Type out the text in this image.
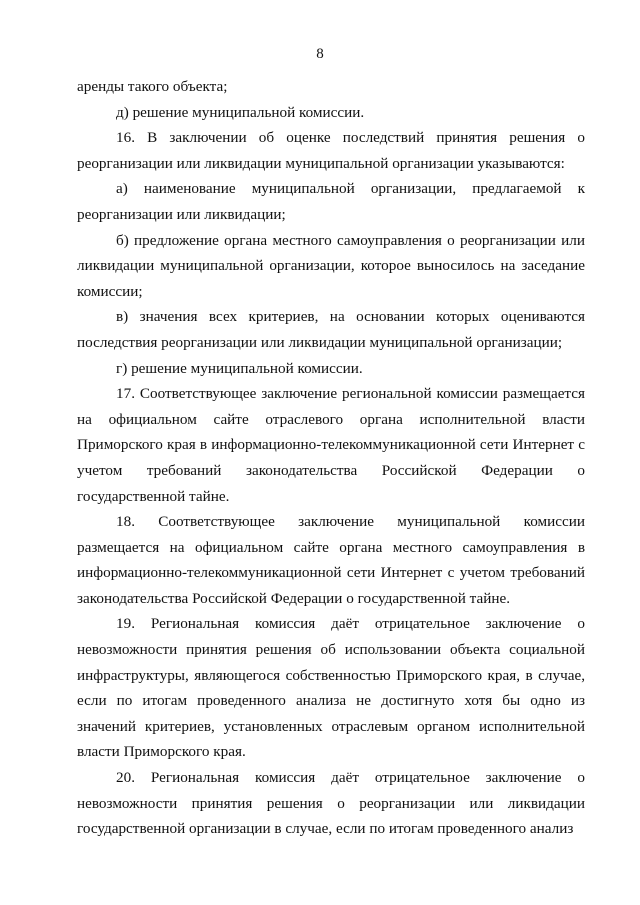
8

аренды такого объекта;

д) решение муниципальной комиссии.

16. В заключении об оценке последствий принятия решения о реорганизации или ликвидации муниципальной организации указываются:

а) наименование муниципальной организации, предлагаемой к реорганизации или ликвидации;

б) предложение органа местного самоуправления о реорганизации или ликвидации муниципальной организации, которое выносилось на заседание комиссии;

в) значения всех критериев, на основании которых оцениваются последствия реорганизации или ликвидации муниципальной организации;

г) решение муниципальной комиссии.

17. Соответствующее заключение региональной комиссии размещается на официальном сайте отраслевого органа исполнительной власти Приморского края в информационно-телекоммуникационной сети Интернет с учетом требований законодательства Российской Федерации о государственной тайне.

18. Соответствующее заключение муниципальной комиссии размещается на официальном сайте органа местного самоуправления в информационно-телекоммуникационной сети Интернет с учетом требований законодательства Российской Федерации о государственной тайне.

19. Региональная комиссия даёт отрицательное заключение о невозможности принятия решения об использовании объекта социальной инфраструктуры, являющегося собственностью Приморского края, в случае, если по итогам проведенного анализа не достигнуто хотя бы одно из значений критериев, установленных отраслевым органом исполнительной власти Приморского края.

20. Региональная комиссия даёт отрицательное заключение о невозможности принятия решения о реорганизации или ликвидации государственной организации в случае, если по итогам проведенного анализ
